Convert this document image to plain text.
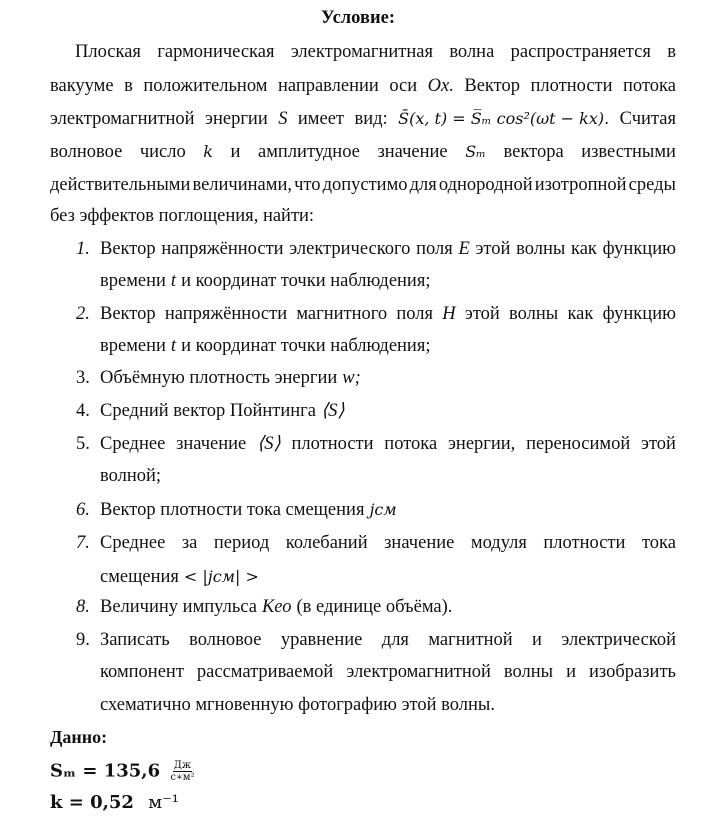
Условие:
Плоская гармоническая электромагнитная волна распространяется в
вакууме в положительном направлении оси Ox. Вектор плотности потока
электромагнитной энергии S имеет вид: S̄(x, t) = S̅ₘ cos²(ωt − kx). Считая
волновое число k и амплитудное значение Sₘ вектора известными
действительными величинами, что допустимо для однородной изотропной среды
без эффектов поглощения, найти:
1. Вектор напряжённости электрического поля E этой волны как функцию
времени t и координат точки наблюдения;
2. Вектор напряжённости магнитного поля H этой волны как функцию
времени t и координат точки наблюдения;
3. Объёмную плотность энергии w;
4. Средний вектор Пойнтинга ⟨S⟩
5. Среднее значение ⟨S⟩ плотности потока энергии, переносимой этой
волной;
6. Вектор плотности тока смещения jсм
7. Среднее за период колебаний значение модуля плотности тока
смещения < |jсм| >
8. Величину импульса Kео (в единице объёма).
9. Записать волновое уравнение для магнитной и электрической
компонент рассматриваемой электромагнитной волны и изобразить
схематично мгновенную фотографию этой волны.
Данно:
$S_m = 135,6 \frac{Дж}{\text{с∗м²}}$
k = 0,52 м⁻¹
